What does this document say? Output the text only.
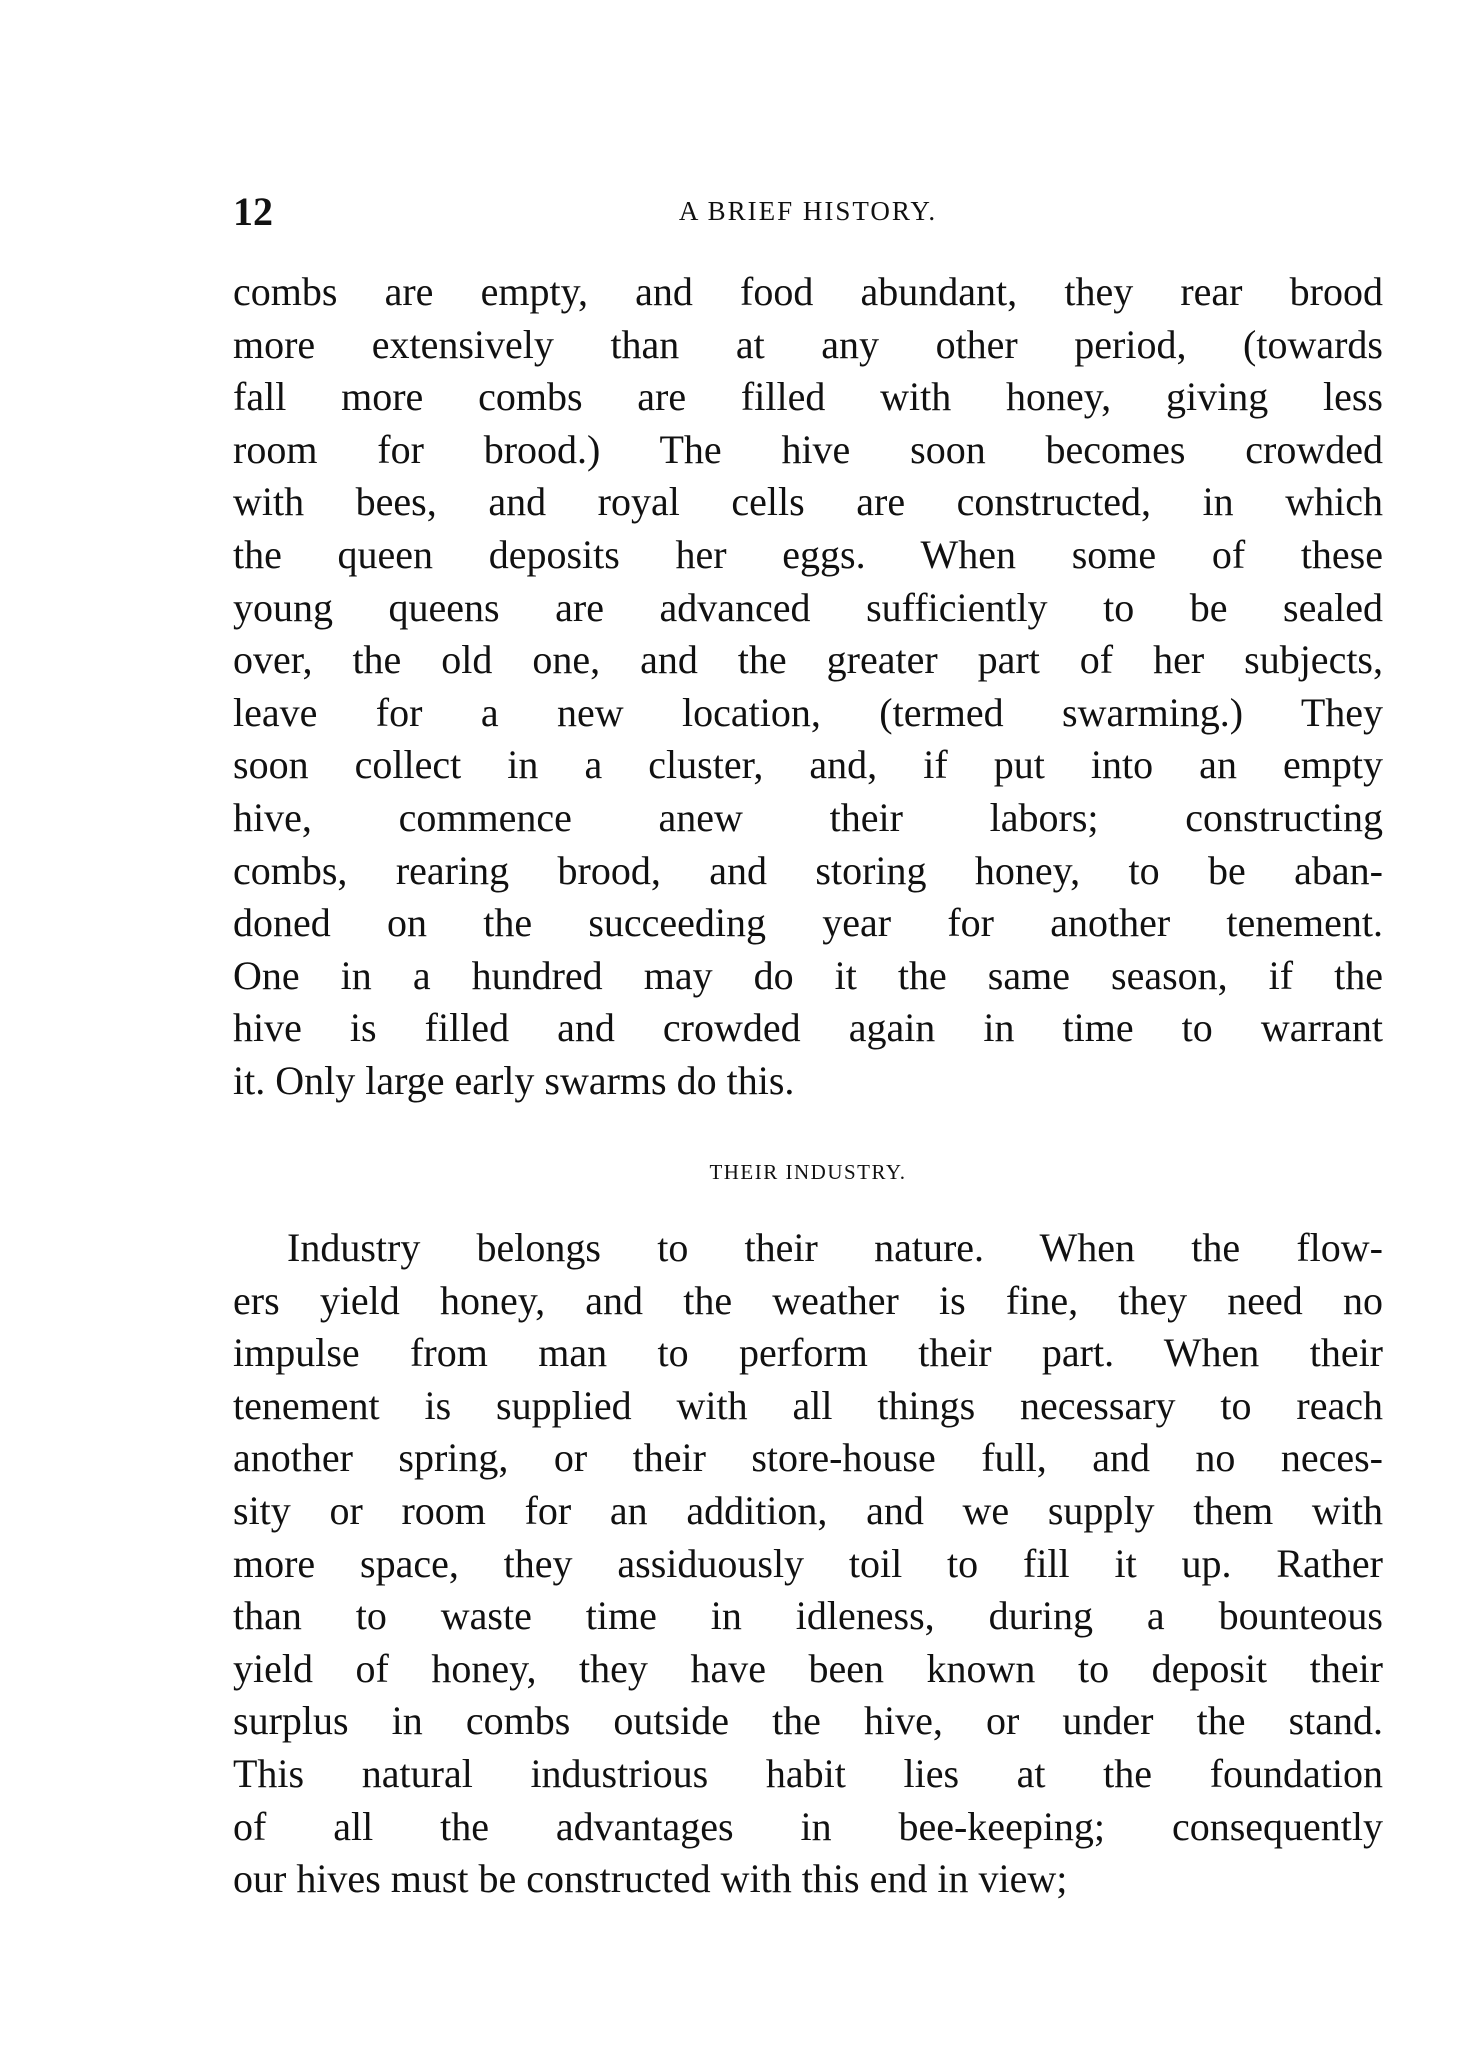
12	A BRIEF HISTORY.
combs are empty, and food abundant, they rear brood
more extensively than at any other period, (towards
fall more combs are filled with honey, giving less
room for brood.) The hive soon becomes crowded
with bees, and royal cells are constructed, in which
the queen deposits her eggs. When some of these
young queens are advanced sufficiently to be sealed
over, the old one, and the greater part of her subjects,
leave for a new location, (termed swarming.) They
soon collect in a cluster, and, if put into an empty
hive, commence anew their labors; constructing
combs, rearing brood, and storing honey, to be aban-
doned on the succeeding year for another tenement.
One in a hundred may do it the same season, if the
hive is filled and crowded again in time to warrant
it. Only large early swarms do this.
THEIR INDUSTRY.
Industry belongs to their nature. When the flow-
ers yield honey, and the weather is fine, they need no
impulse from man to perform their part. When their
tenement is supplied with all things necessary to reach
another spring, or their store-house full, and no neces-
sity or room for an addition, and we supply them with
more space, they assiduously toil to fill it up. Rather
than to waste time in idleness, during a bounteous
yield of honey, they have been known to deposit their
surplus in combs outside the hive, or under the stand.
This natural industrious habit lies at the foundation
of all the advantages in bee-keeping; consequently
our hives must be constructed with this end in view;
